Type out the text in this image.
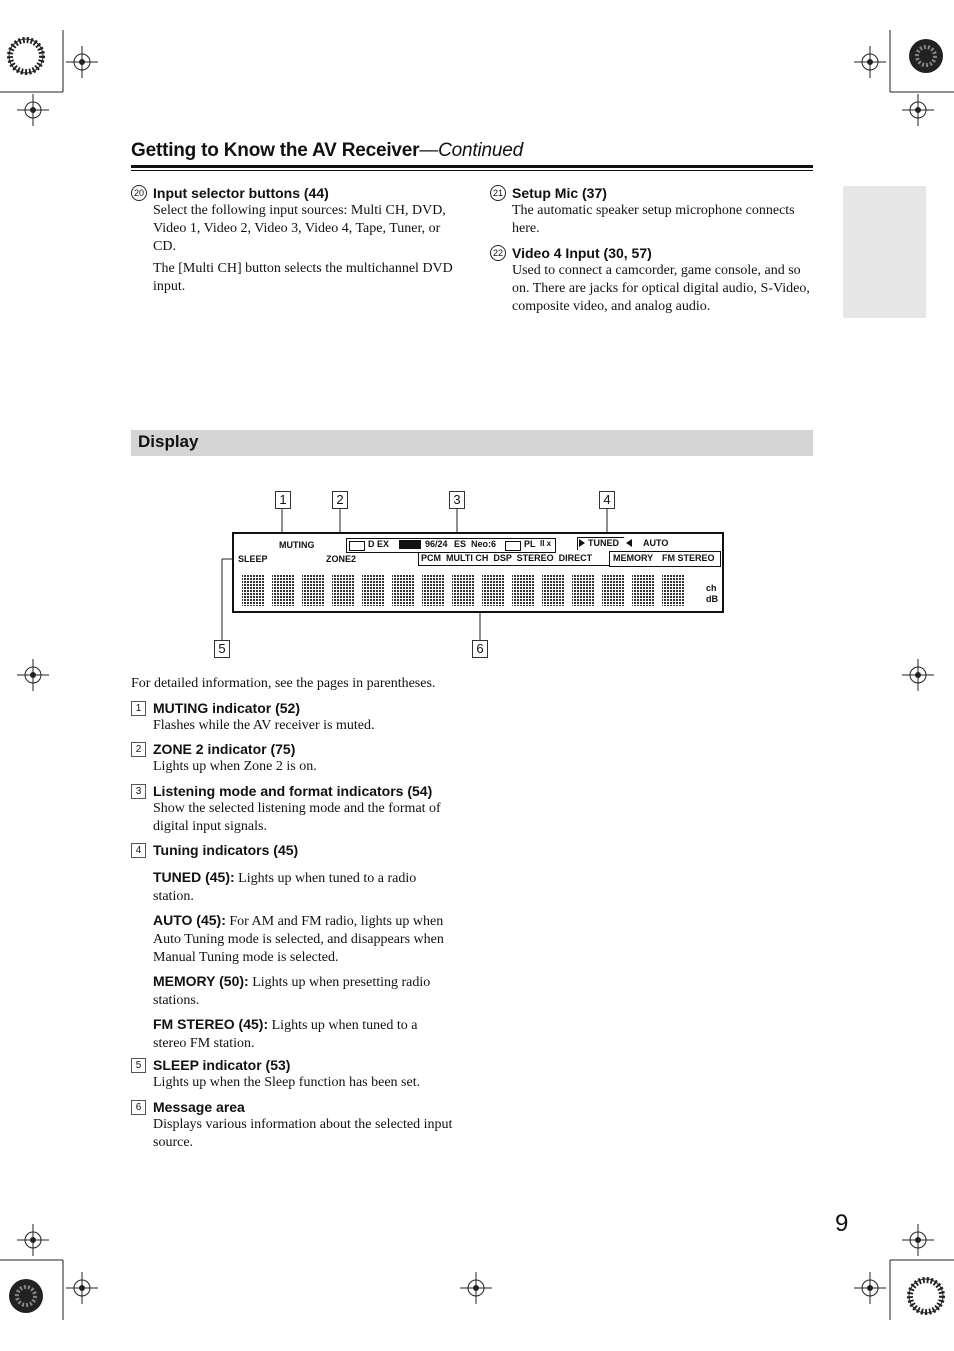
Getting to Know the AV Receiver—Continued
20 Input selector buttons (44)
Select the following input sources: Multi CH, DVD, Video 1, Video 2, Video 3, Video 4, Tape, Tuner, or CD.
The [Multi CH] button selects the multichannel DVD input.
21 Setup Mic (37)
The automatic speaker setup microphone connects here.
22 Video 4 Input (30, 57)
Used to connect a camcorder, game console, and so on. There are jacks for optical digital audio, S-Video, composite video, and analog audio.
Display
1	2	3	4
5	6
MUTING
SLEEP	ZONE2
D EX	96/24 ES Neo:6	PL II x
PCM  MULTI CH  DSP  STEREO  DIRECT
TUNED	AUTO
MEMORY FM STEREO
ch
dB
For detailed information, see the pages in parentheses.
1 MUTING indicator (52)
Flashes while the AV receiver is muted.
2 ZONE 2 indicator (75)
Lights up when Zone 2 is on.
3 Listening mode and format indicators (54)
Show the selected listening mode and the format of digital input signals.
4 Tuning indicators (45)
TUNED (45): Lights up when tuned to a radio station.
AUTO (45): For AM and FM radio, lights up when Auto Tuning mode is selected, and disappears when Manual Tuning mode is selected.
MEMORY (50): Lights up when presetting radio stations.
FM STEREO (45): Lights up when tuned to a stereo FM station.
5 SLEEP indicator (53)
Lights up when the Sleep function has been set.
6 Message area
Displays various information about the selected input source.
9
